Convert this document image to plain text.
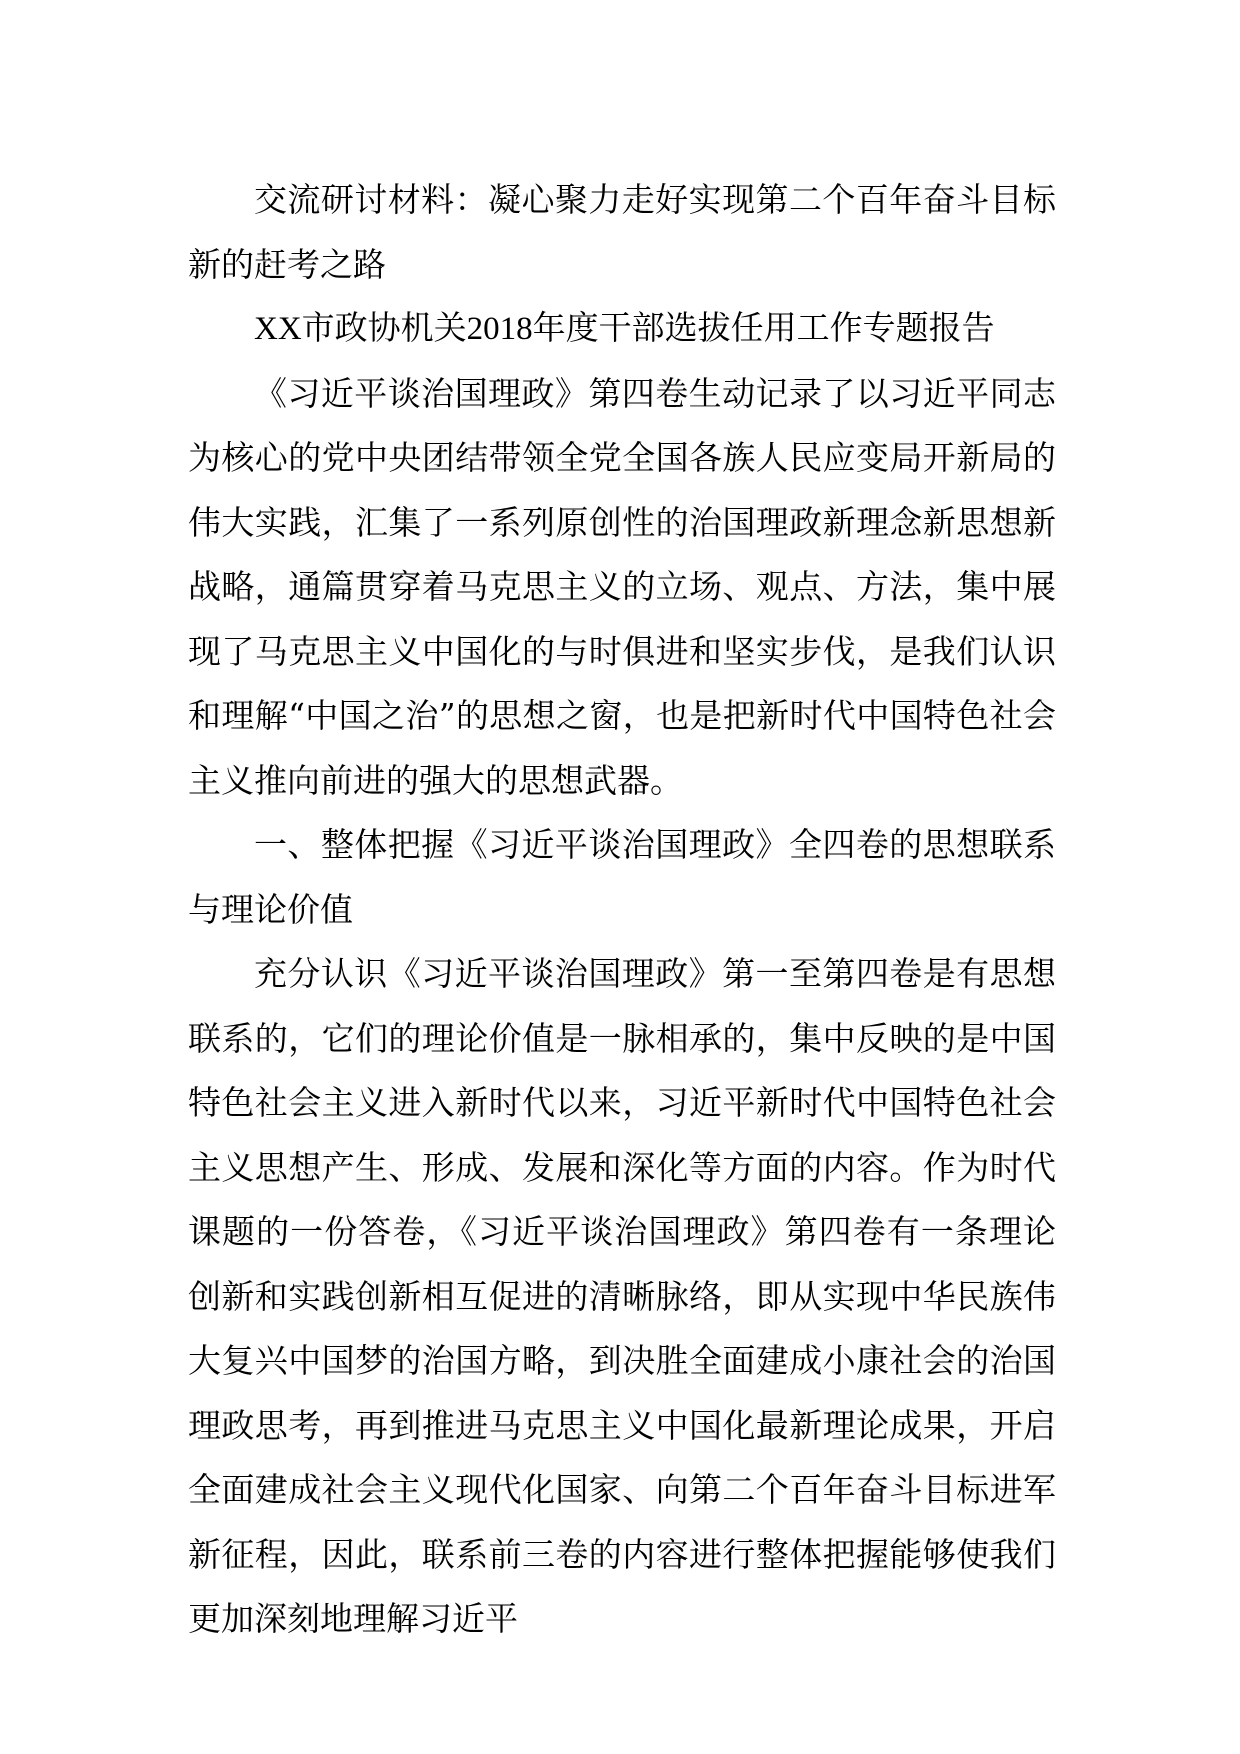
交流研讨材料：凝心聚力走好实现第二个百年奋斗目标新的赶考之路

XX市政协机关2018年度干部选拔任用工作专题报告

《习近平谈治国理政》第四卷生动记录了以习近平同志为核心的党中央团结带领全党全国各族人民应变局开新局的伟大实践，汇集了一系列原创性的治国理政新理念新思想新战略，通篇贯穿着马克思主义的立场、观点、方法，集中展现了马克思主义中国化的与时俱进和坚实步伐，是我们认识和理解“中国之治”的思想之窗，也是把新时代中国特色社会主义推向前进的强大的思想武器。

一、整体把握《习近平谈治国理政》全四卷的思想联系与理论价值

充分认识《习近平谈治国理政》第一至第四卷是有思想联系的，它们的理论价值是一脉相承的，集中反映的是中国特色社会主义进入新时代以来，习近平新时代中国特色社会主义思想产生、形成、发展和深化等方面的内容。作为时代课题的一份答卷，《习近平谈治国理政》第四卷有一条理论创新和实践创新相互促进的清晰脉络，即从实现中华民族伟大复兴中国梦的治国方略，到决胜全面建成小康社会的治国理政思考，再到推进马克思主义中国化最新理论成果，开启全面建成社会主义现代化国家、向第二个百年奋斗目标进军新征程，因此，联系前三卷的内容进行整体把握能够使我们更加深刻地理解习近平
